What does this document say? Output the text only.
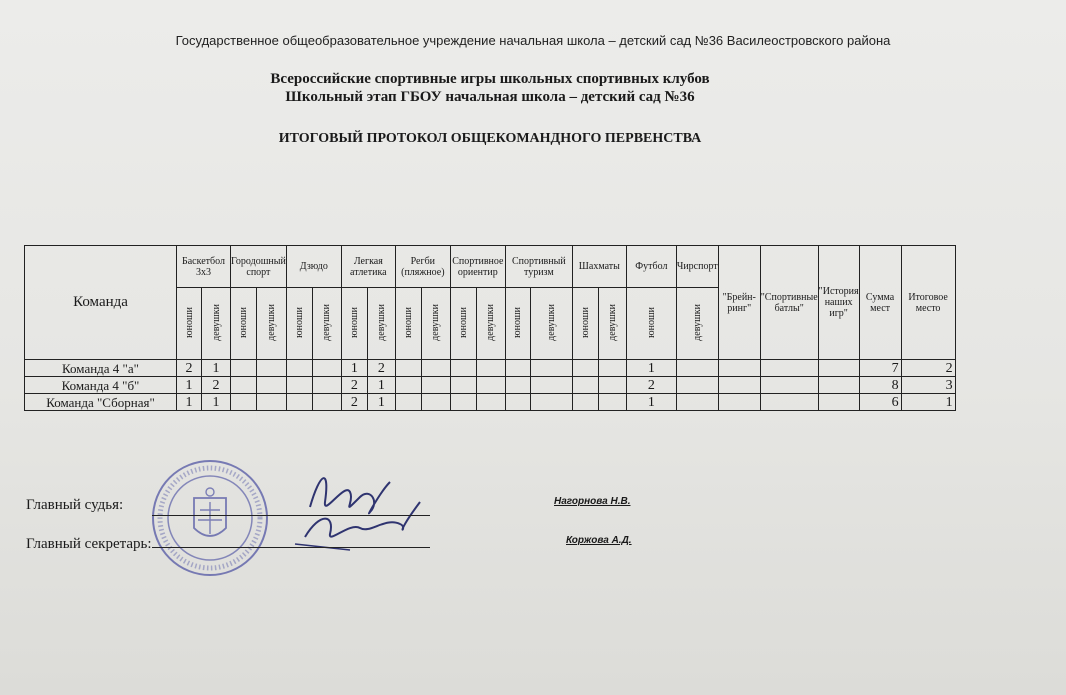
Государственное общеобразовательное учреждение начальная школа – детский сад №36 Василеостровского района
Всероссийские спортивные игры школьных спортивных клубов
Школьный этап ГБОУ начальная школа – детский сад №36
ИТОГОВЫЙ ПРОТОКОЛ ОБЩЕКОМАНДНОГО ПЕРВЕНСТВА
Команда	Баскетбол 3х3		Городошный спорт		Дзюдо		Легкая атлетика		Регби (пляжное)		Спортивное ориентир		Спортивный туризм		Шахматы		Футбол	Чирспорт	"Брейн-ринг"	"Спортивные батлы"	"История наших игр"	Сумма мест	Итоговое место
	юноши	девушки	юноши	девушки	юноши	девушки	юноши	девушки	юноши	девушки	юноши	девушки	юноши	девушки	юноши	девушки	юноши	девушки					
Команда 4 "а"	2	1					1	2									1					7	2
Команда 4 "б"	1	2					2	1									2					8	3
Команда "Сборная"	1	1					2	1									1					6	1
Главный судья:	Нагорнова Н.В.
Главный секретарь:	Коржова А.Д.
